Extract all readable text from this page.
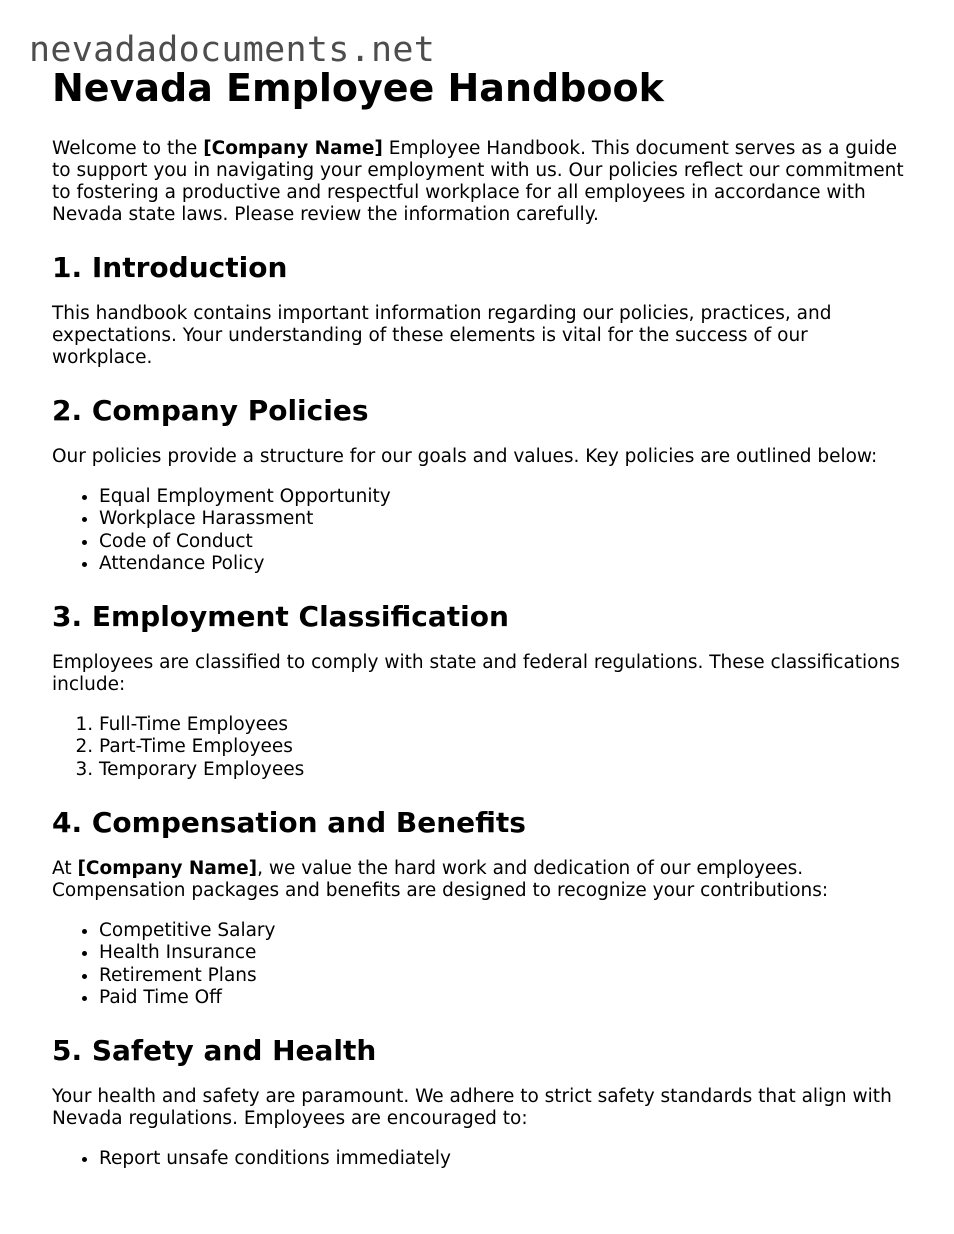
nevadadocuments.net
Nevada Employee Handbook

Welcome to the [Company Name] Employee Handbook. This document serves as a guide to support you in navigating your employment with us. Our policies reflect our commitment to fostering a productive and respectful workplace for all employees in accordance with Nevada state laws. Please review the information carefully.

1. Introduction

This handbook contains important information regarding our policies, practices, and expectations. Your understanding of these elements is vital for the success of our workplace.

2. Company Policies

Our policies provide a structure for our goals and values. Key policies are outlined below:

• Equal Employment Opportunity
• Workplace Harassment
• Code of Conduct
• Attendance Policy
3. Employment Classification

Employees are classified to comply with state and federal regulations. These classifications include:

1. Full-Time Employees
2. Part-Time Employees
3. Temporary Employees
4. Compensation and Benefits

At [Company Name], we value the hard work and dedication of our employees. Compensation packages and benefits are designed to recognize your contributions:

• Competitive Salary
• Health Insurance
• Retirement Plans
• Paid Time Off
5. Safety and Health

Your health and safety are paramount. We adhere to strict safety standards that align with Nevada regulations. Employees are encouraged to:

• Report unsafe conditions immediately
